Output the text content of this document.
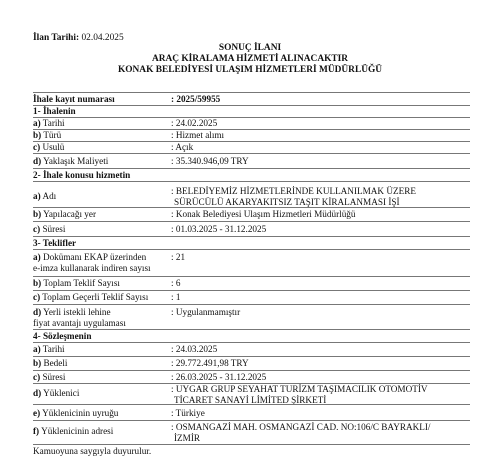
İlan Tarihi: 02.04.2025
SONUÇ İLANI
ARAÇ KİRALAMA HİZMETİ ALINACAKTIR
KONAK BELEDİYESİ ULAŞIM HİZMETLERİ MÜDÜRLÜĞÜ
İhale kayıt numarası	: 2025/59955
1- İhalenin
a) Tarihi	: 24.02.2025
b) Türü	: Hizmet alımı
c) Usulü	: Açık
d) Yaklaşık Maliyeti	: 35.340.946,09 TRY
2- İhale konusu hizmetin
a) Adı	: BELEDİYEMİZ HİZMETLERİNDE KULLANILMAK ÜZERE
SÜRÜCÜLÜ AKARYAKITSIZ TAŞIT KİRALANMASI İŞİ
b) Yapılacağı yer	: Konak Belediyesi Ulaşım Hizmetleri Müdürlüğü
c) Süresi	: 01.03.2025 - 31.12.2025
3- Teklifler
a) Dokümanı EKAP üzerinden
e-imza kullanarak indiren sayısı
: 21
b) Toplam Teklif Sayısı	: 6
c) Toplam Geçerli Teklif Sayısı	: 1
d) Yerli istekli lehine
fiyat avantajı uygulaması
: Uygulanmamıştır
4- Sözleşmenin
a) Tarihi	: 24.03.2025
b) Bedeli	: 29.772.491,98 TRY
c) Süresi	: 26.03.2025 - 31.12.2025
d) Yüklenici	: UYGAR GRUP SEYAHAT TURİZM TAŞIMACILIK OTOMOTİV
TİCARET SANAYİ LİMİTED ŞİRKETİ
e) Yüklenicinin uyruğu	: Türkiye
f) Yüklenicinin adresi	: OSMANGAZİ MAH. OSMANGAZİ CAD. NO:106/C BAYRAKLI/
İZMİR
Kamuoyuna saygıyla duyurulur.
